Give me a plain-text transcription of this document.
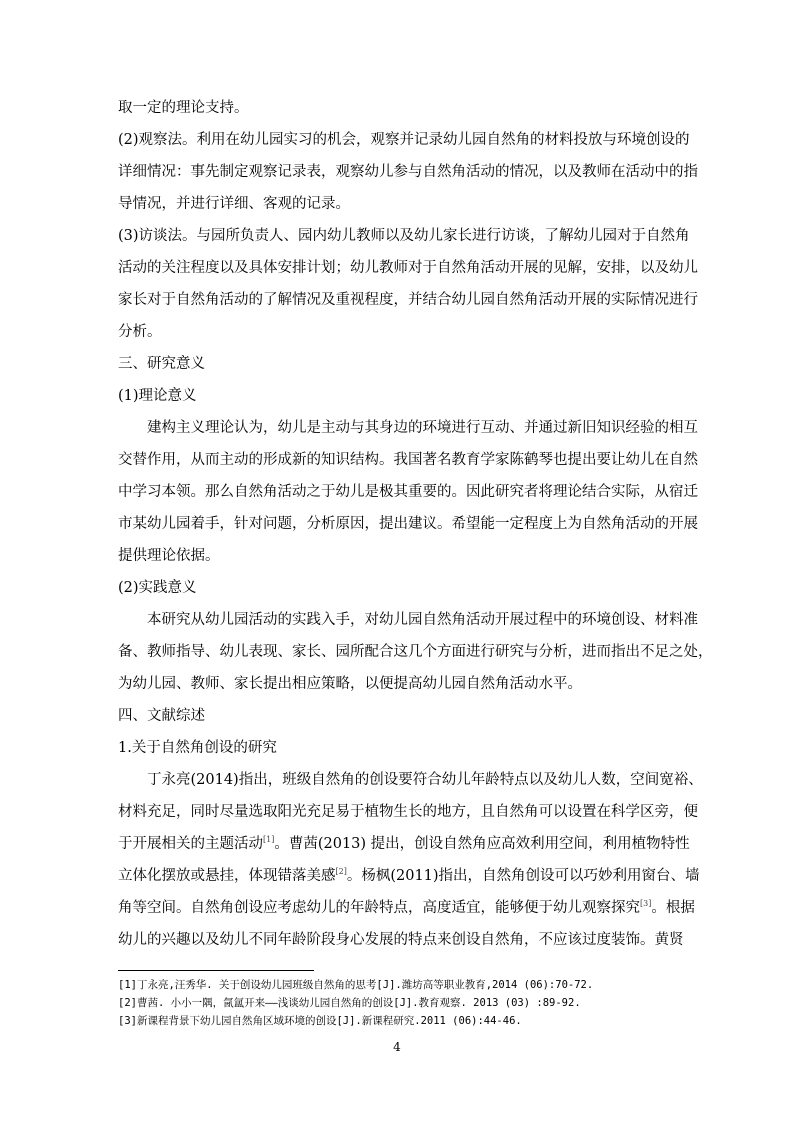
取一定的理论支持。
(2)观察法。利用在幼儿园实习的机会，观察并记录幼儿园自然角的材料投放与环境创设的
详细情况：事先制定观察记录表，观察幼儿参与自然角活动的情况，以及教师在活动中的指
导情况，并进行详细、客观的记录。
(3)访谈法。与园所负责人、园内幼儿教师以及幼儿家长进行访谈，了解幼儿园对于自然角
活动的关注程度以及具体安排计划；幼儿教师对于自然角活动开展的见解，安排，以及幼儿
家长对于自然角活动的了解情况及重视程度，并结合幼儿园自然角活动开展的实际情况进行
分析。
三、研究意义
(1)理论意义
建构主义理论认为，幼儿是主动与其身边的环境进行互动、并通过新旧知识经验的相互
交替作用，从而主动的形成新的知识结构。我国著名教育学家陈鹤琴也提出要让幼儿在自然
中学习本领。那么自然角活动之于幼儿是极其重要的。因此研究者将理论结合实际，从宿迁
市某幼儿园着手，针对问题，分析原因，提出建议。希望能一定程度上为自然角活动的开展
提供理论依据。
(2)实践意义
本研究从幼儿园活动的实践入手，对幼儿园自然角活动开展过程中的环境创设、材料准
备、教师指导、幼儿表现、家长、园所配合这几个方面进行研究与分析，进而指出不足之处，
为幼儿园、教师、家长提出相应策略，以便提高幼儿园自然角活动水平。
四、文献综述
1.关于自然角创设的研究
丁永亮(2014)指出，班级自然角的创设要符合幼儿年龄特点以及幼儿人数，空间宽裕、
材料充足，同时尽量选取阳光充足易于植物生长的地方，且自然角可以设置在科学区旁，便
于开展相关的主题活动[1]。曹茜(2013) 提出，创设自然角应高效利用空间，利用植物特性
立体化摆放或悬挂，体现错落美感[2]。杨枫(2011)指出，自然角创设可以巧妙利用窗台、墙
角等空间。自然角创设应考虑幼儿的年龄特点，高度适宜，能够便于幼儿观察探究[3]。根据
幼儿的兴趣以及幼儿不同年龄阶段身心发展的特点来创设自然角，不应该过度装饰。黄贤
[1]丁永亮,汪秀华. 关于创设幼儿园班级自然角的思考[J].潍坊高等职业教育,2014 (06):70-72.
[2]曹茜. 小小一隅，氤氲开来——浅谈幼儿园自然角的创设[J].教育观察. 2013 (03) :89-92.
[3]新课程背景下幼儿园自然角区域环境的创设[J].新课程研究.2011 (06):44-46.
4
